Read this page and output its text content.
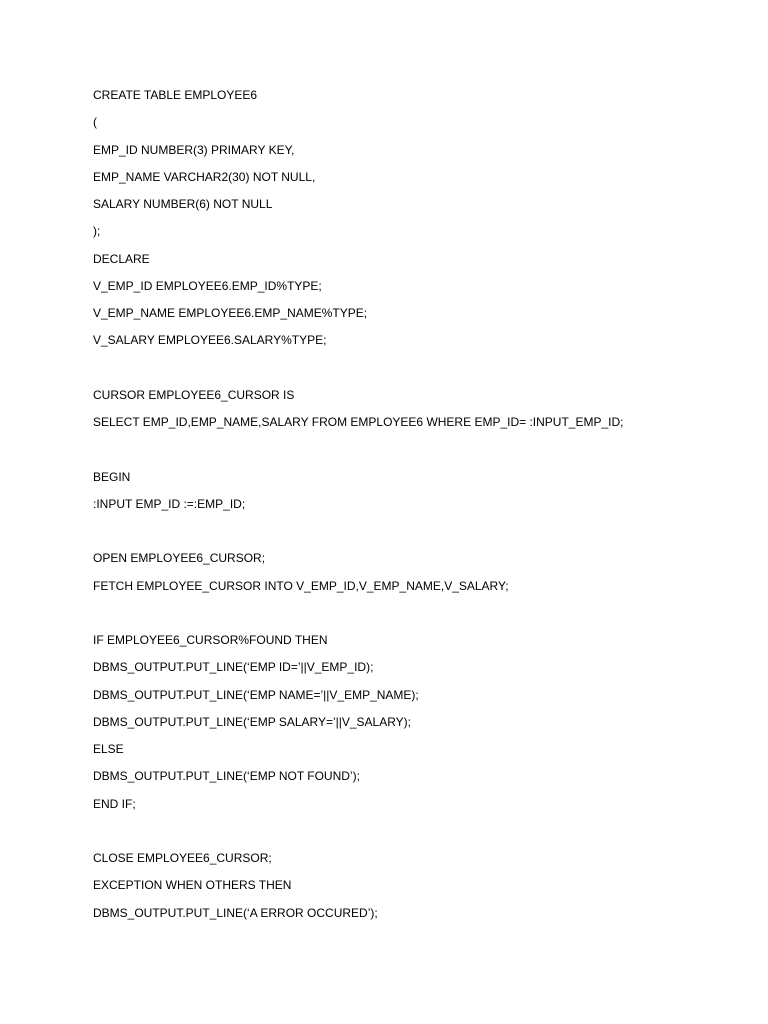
CREATE TABLE EMPLOYEE6
(
EMP_ID NUMBER(3) PRIMARY KEY,
EMP_NAME VARCHAR2(30) NOT NULL,
SALARY NUMBER(6) NOT NULL
);
DECLARE
V_EMP_ID EMPLOYEE6.EMP_ID%TYPE;
V_EMP_NAME EMPLOYEE6.EMP_NAME%TYPE;
V_SALARY EMPLOYEE6.SALARY%TYPE;
CURSOR EMPLOYEE6_CURSOR IS
SELECT EMP_ID,EMP_NAME,SALARY FROM EMPLOYEE6 WHERE EMP_ID= :INPUT_EMP_ID;
BEGIN
:INPUT EMP_ID :=:EMP_ID;
OPEN EMPLOYEE6_CURSOR;
FETCH EMPLOYEE_CURSOR INTO V_EMP_ID,V_EMP_NAME,V_SALARY;
IF EMPLOYEE6_CURSOR%FOUND THEN
DBMS_OUTPUT.PUT_LINE(‘EMP ID=’||V_EMP_ID);
DBMS_OUTPUT.PUT_LINE(‘EMP NAME=’||V_EMP_NAME);
DBMS_OUTPUT.PUT_LINE(‘EMP SALARY=’||V_SALARY);
ELSE
DBMS_OUTPUT.PUT_LINE(‘EMP NOT FOUND’);
END IF;
CLOSE EMPLOYEE6_CURSOR;
EXCEPTION WHEN OTHERS THEN
DBMS_OUTPUT.PUT_LINE(‘A ERROR OCCURED’);
